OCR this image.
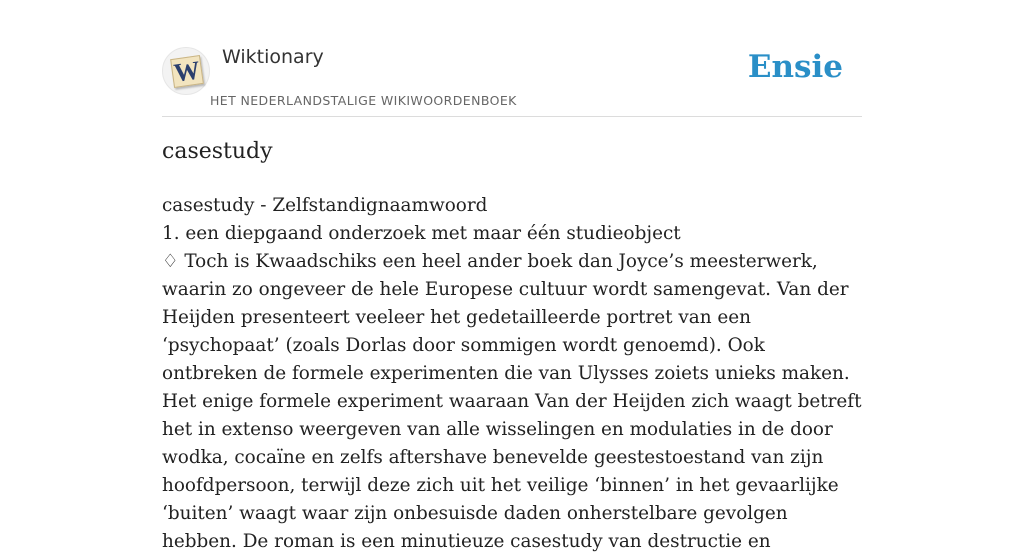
W Wiktionary
HET NEDERLANDSTALIGE WIKIWOORDENBOEK
Ensie
casestudy

casestudy - Zelfstandignaamwoord

1. een diepgaand onderzoek met maar één studieobject

♢ Toch is Kwaadschiks een heel ander boek dan Joyce’s meesterwerk, waarin zo ongeveer de hele Europese cultuur wordt samengevat. Van der Heijden presenteert veeleer het gedetailleerde portret van een ‘psychopaat’ (zoals Dorlas door sommigen wordt genoemd). Ook ontbreken de formele experimenten die van Ulysses zoiets unieks maken. Het enige formele experiment waaraan Van der Heijden zich waagt betreft het in extenso weergeven van alle wisselingen en modulaties in de door wodka, cocaïne en zelfs aftershave benevelde geestestoestand van zijn hoofdpersoon, terwijl deze zich uit het veilige ‘binnen’ in het gevaarlijke ‘buiten’ waagt waar zijn onbesuisde daden onherstelbare gevolgen hebben. De roman is een minutieuze casestudy van destructie en
